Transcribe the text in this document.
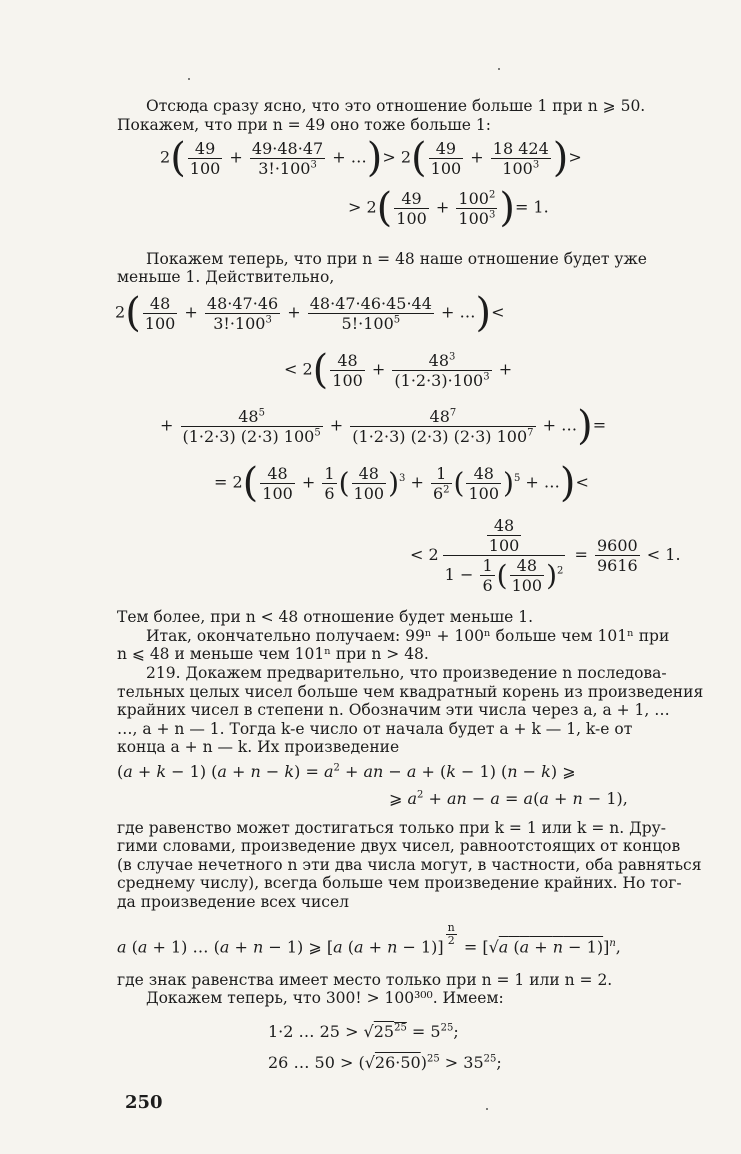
Отсюда сразу ясно, что это отношение больше 1 при n ⩾ 50.
Покажем, что при n = 49 оно тоже больше 1:
$2( \frac{49}{100} + \frac{49\cdot 48\cdot 47}{3!\cdot 100^3}$ + …)> $2( \frac{49}{100} + \frac{18 424}{100^3}$ )>
> $2( \frac{49}{100} + \frac{100^2}{100^3}$ )= 1.
Покажем теперь, что при n = 48 наше отношение будет уже
меньше 1. Действительно,
$2( \frac{48}{100} + \frac{48\cdot 47\cdot 46}{3!\cdot 100^3} + \frac{48\cdot 47\cdot 46\cdot 45\cdot 44}{5!\cdot 100^5}$ + …)<
< $2( \frac{48}{100} + \frac{48^3}{(1\cdot 2\cdot 3)\cdot 100^3}$ +
+ $\frac{48^5}{(1\cdot 2\cdot 3) (2\cdot 3) 100^5} + \frac{48^7}{(1\cdot 2\cdot 3) (2\cdot 3) (2\cdot 3) 100^7}$ + …)=
= $2( \frac{48}{100} + \frac{1}{6}$ ( $\frac{48}{100} )^3 + \frac{1}{6^2}$ ( $\frac{48}{100} )^5$ + …)<
< $2 \frac{\frac{48}{100}}{1 - \frac{1}{6} ( \frac{48}{100} )^2} = \frac{9600}{9616} < 1$.
Тем более, при n < 48 отношение будет меньше 1.
Итак, окончательно получаем: 99ⁿ + 100ⁿ больше чем 101ⁿ при
n ⩽ 48 и меньше чем 101ⁿ при n > 48.
219. Докажем предварительно, что произведение n последова-
тельных целых чисел больше чем квадратный корень из произведения
крайних чисел в степени n. Обозначим эти числа через a, a + 1, …
…, a + n — 1. Тогда k-е число от начала будет a + k — 1, k-е от
конца a + n — k. Их произведение
(a + k − 1) $(a + n - k) = a^2$ + an − a + (k − 1) (n − k) ⩾
⩾ $a^2$ + an − a = a(a + n − 1),
где равенство может достигаться только при k = 1 или k = n. Дру-
гими словами, произведение двух чисел, равноотстоящих от концов
(в случае нечетного n эти два числа могут, в частности, оба равняться
среднему числу), всегда больше чем произведение крайних. Но тог-
да произведение всех чисел
a (a + 1) … (a + n − 1) ⩾ [a (a + n − 1)] $^{\frac{n}{2}}$ = [√a (a + n − 1)]$^n$,
где знак равенства имеет место только при n = 1 или n = 2.
Докажем теперь, что 300! > 100³⁰⁰. Имеем:
1·2 … $25 > √25^{25} = 5^{25}$;
26 … $50 > (√26\cdot 50)^{25} > 35^{25}$;
250
